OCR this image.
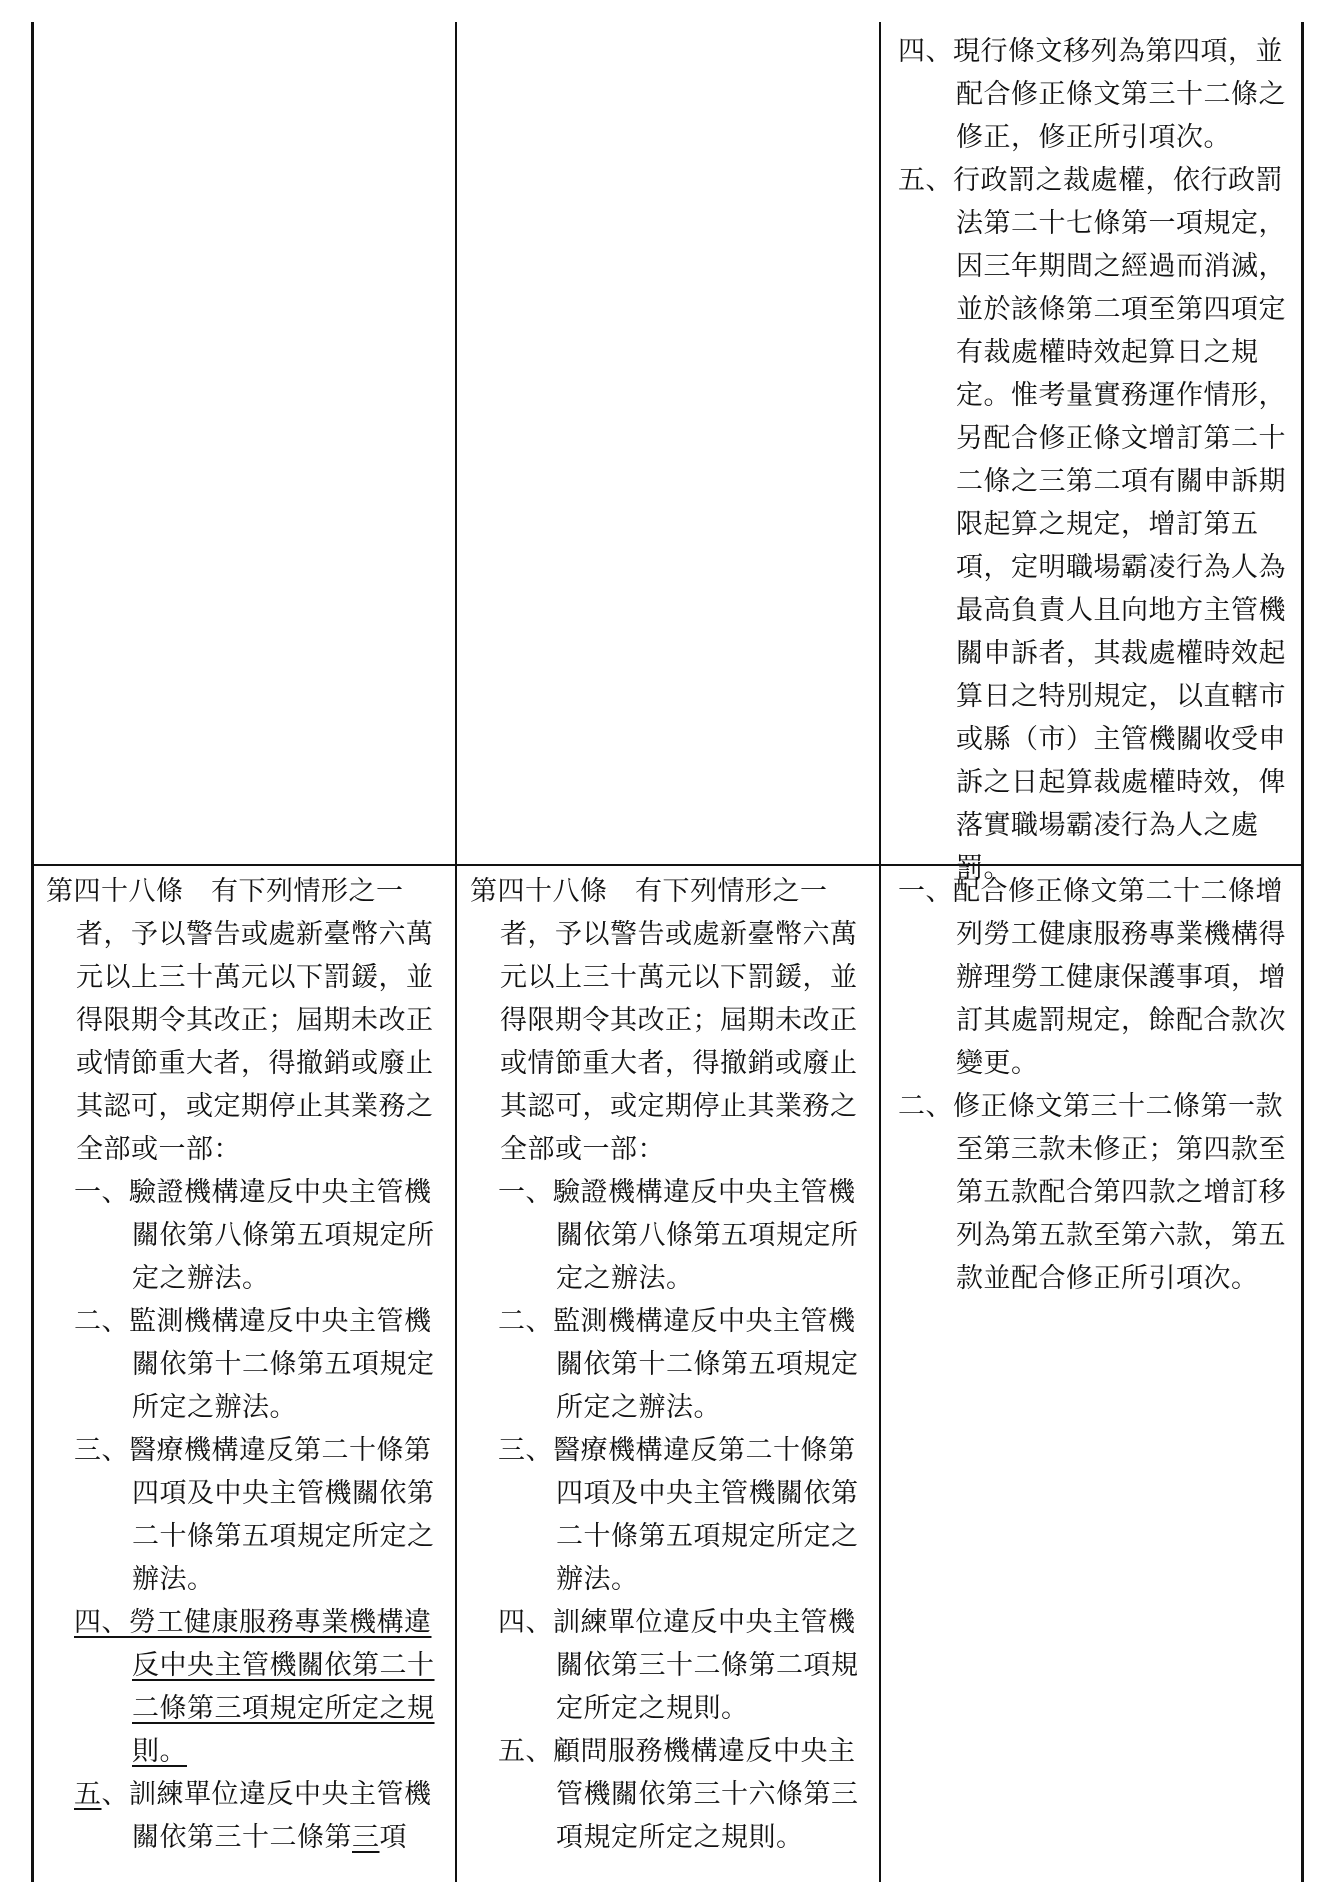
四、現行條文移列為第四項，並配合修正條文第三十二條之修正，修正所引項次。

五、行政罰之裁處權，依行政罰法第二十七條第一項規定，因三年期間之經過而消滅，並於該條第二項至第四項定有裁處權時效起算日之規定。惟考量實務運作情形，另配合修正條文增訂第二十二條之三第二項有關申訴期限起算之規定，增訂第五項，定明職場霸凌行為人為最高負責人且向地方主管機關申訴者，其裁處權時效起算日之特別規定，以直轄市或縣（市）主管機關收受申訴之日起算裁處權時效，俾落實職場霸凌行為人之處罰。

第四十八條　有下列情形之一者，予以警告或處新臺幣六萬元以上三十萬元以下罰鍰，並得限期令其改正；屆期未改正或情節重大者，得撤銷或廢止其認可，或定期停止其業務之全部或一部：

一、驗證機構違反中央主管機關依第八條第五項規定所定之辦法。

二、監測機構違反中央主管機關依第十二條第五項規定所定之辦法。

三、醫療機構違反第二十條第四項及中央主管機關依第二十條第五項規定所定之辦法。

四、勞工健康服務專業機構違反中央主管機關依第二十二條第三項規定所定之規則。

五、訓練單位違反中央主管機關依第三十二條第三項

第四十八條　有下列情形之一者，予以警告或處新臺幣六萬元以上三十萬元以下罰鍰，並得限期令其改正；屆期未改正或情節重大者，得撤銷或廢止其認可，或定期停止其業務之全部或一部：

一、驗證機構違反中央主管機關依第八條第五項規定所定之辦法。

二、監測機構違反中央主管機關依第十二條第五項規定所定之辦法。

三、醫療機構違反第二十條第四項及中央主管機關依第二十條第五項規定所定之辦法。

四、訓練單位違反中央主管機關依第三十二條第二項規定所定之規則。

五、顧問服務機構違反中央主管機關依第三十六條第三項規定所定之規則。

一、配合修正條文第二十二條增列勞工健康服務專業機構得辦理勞工健康保護事項，增訂其處罰規定，餘配合款次變更。

二、修正條文第三十二條第一款至第三款未修正；第四款至第五款配合第四款之增訂移列為第五款至第六款，第五款並配合修正所引項次。
